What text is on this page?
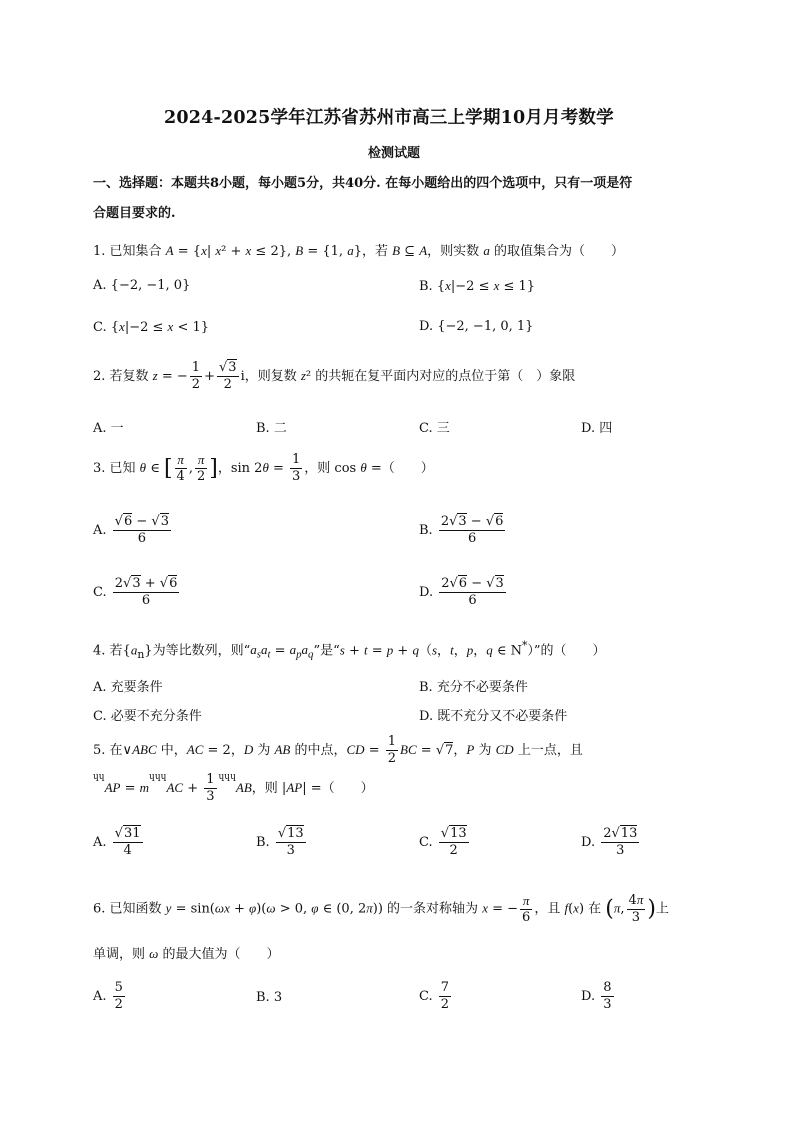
2024-2025学年江苏省苏州市高三上学期10月月考数学
检测试题
一、选择题：本题共8小题，每小题5分，共40分. 在每小题给出的四个选项中，只有一项是符
合题目要求的.
1. 已知集合 A = {x| x² + x ≤ 2}, B = {1, a}，若 B ⊆ A，则实数 a 的取值集合为（　　）
A. {−2, −1, 0}	B. {x|−2 ≤ x ≤ 1}
C. {x|−2 ≤ x < 1}	D. {−2, −1, 0, 1}
2. 若复数 z = − $\frac{1}{2} + \frac{√3}{2}$ i，则复数 z² 的共轭在复平面内对应的点位于第（　）象限
A. 一	B. 二	C. 三	D. 四
3. 已知 θ ∈ [ $\frac{\pi}{4}$ , $\frac{\pi}{2}$ ]，$\sin 2\theta = \frac{1}{3}$ ，则 cos θ =（　　）
A. $\frac{√6 - √3}{6}$	B. $\frac{2√3 - √6}{6}$
C. $\frac{2√3 + √6}{6}$	D. $\frac{2√6 - √3}{6}$
4. 若$\{a_n\}$为等比数列，则“$a_sa_t = a_pa_q$”是“s + t = p + q（s，t，p，q ∈ N*）”的（　　）
A. 充要条件	B. 充分不必要条件
C. 必要不充分条件	D. 既不充分又不必要条件
5. 在∨ABC 中，AC = 2，D 为 AB 的中点，CD = $\frac{1}{2}$ BC = √7，P 为 CD 上一点，且
$^{ɥɥ}AP = m^{ɥɥɥ}AC + \frac{1}{3} ^{ɥɥɥ}AB$，则 |AP| =（　　）
A. $\frac{√31}{4}$	B. $\frac{√13}{3}$	C. $\frac{√13}{2}$	D. $\frac{2√13}{3}$
6. 已知函数 y = sin(ωx + φ)(ω > 0, φ ∈ (0, 2π)) 的一条对称轴为 x = − $\frac{\pi}{6}$ ，且 f(x) 在 (π, $\frac{4\pi}{3}$ )上
单调，则 ω 的最大值为（　　）
A. $\frac{5}{2}$	B. 3	C. $\frac{7}{2}$	D. $\frac{8}{3}$
